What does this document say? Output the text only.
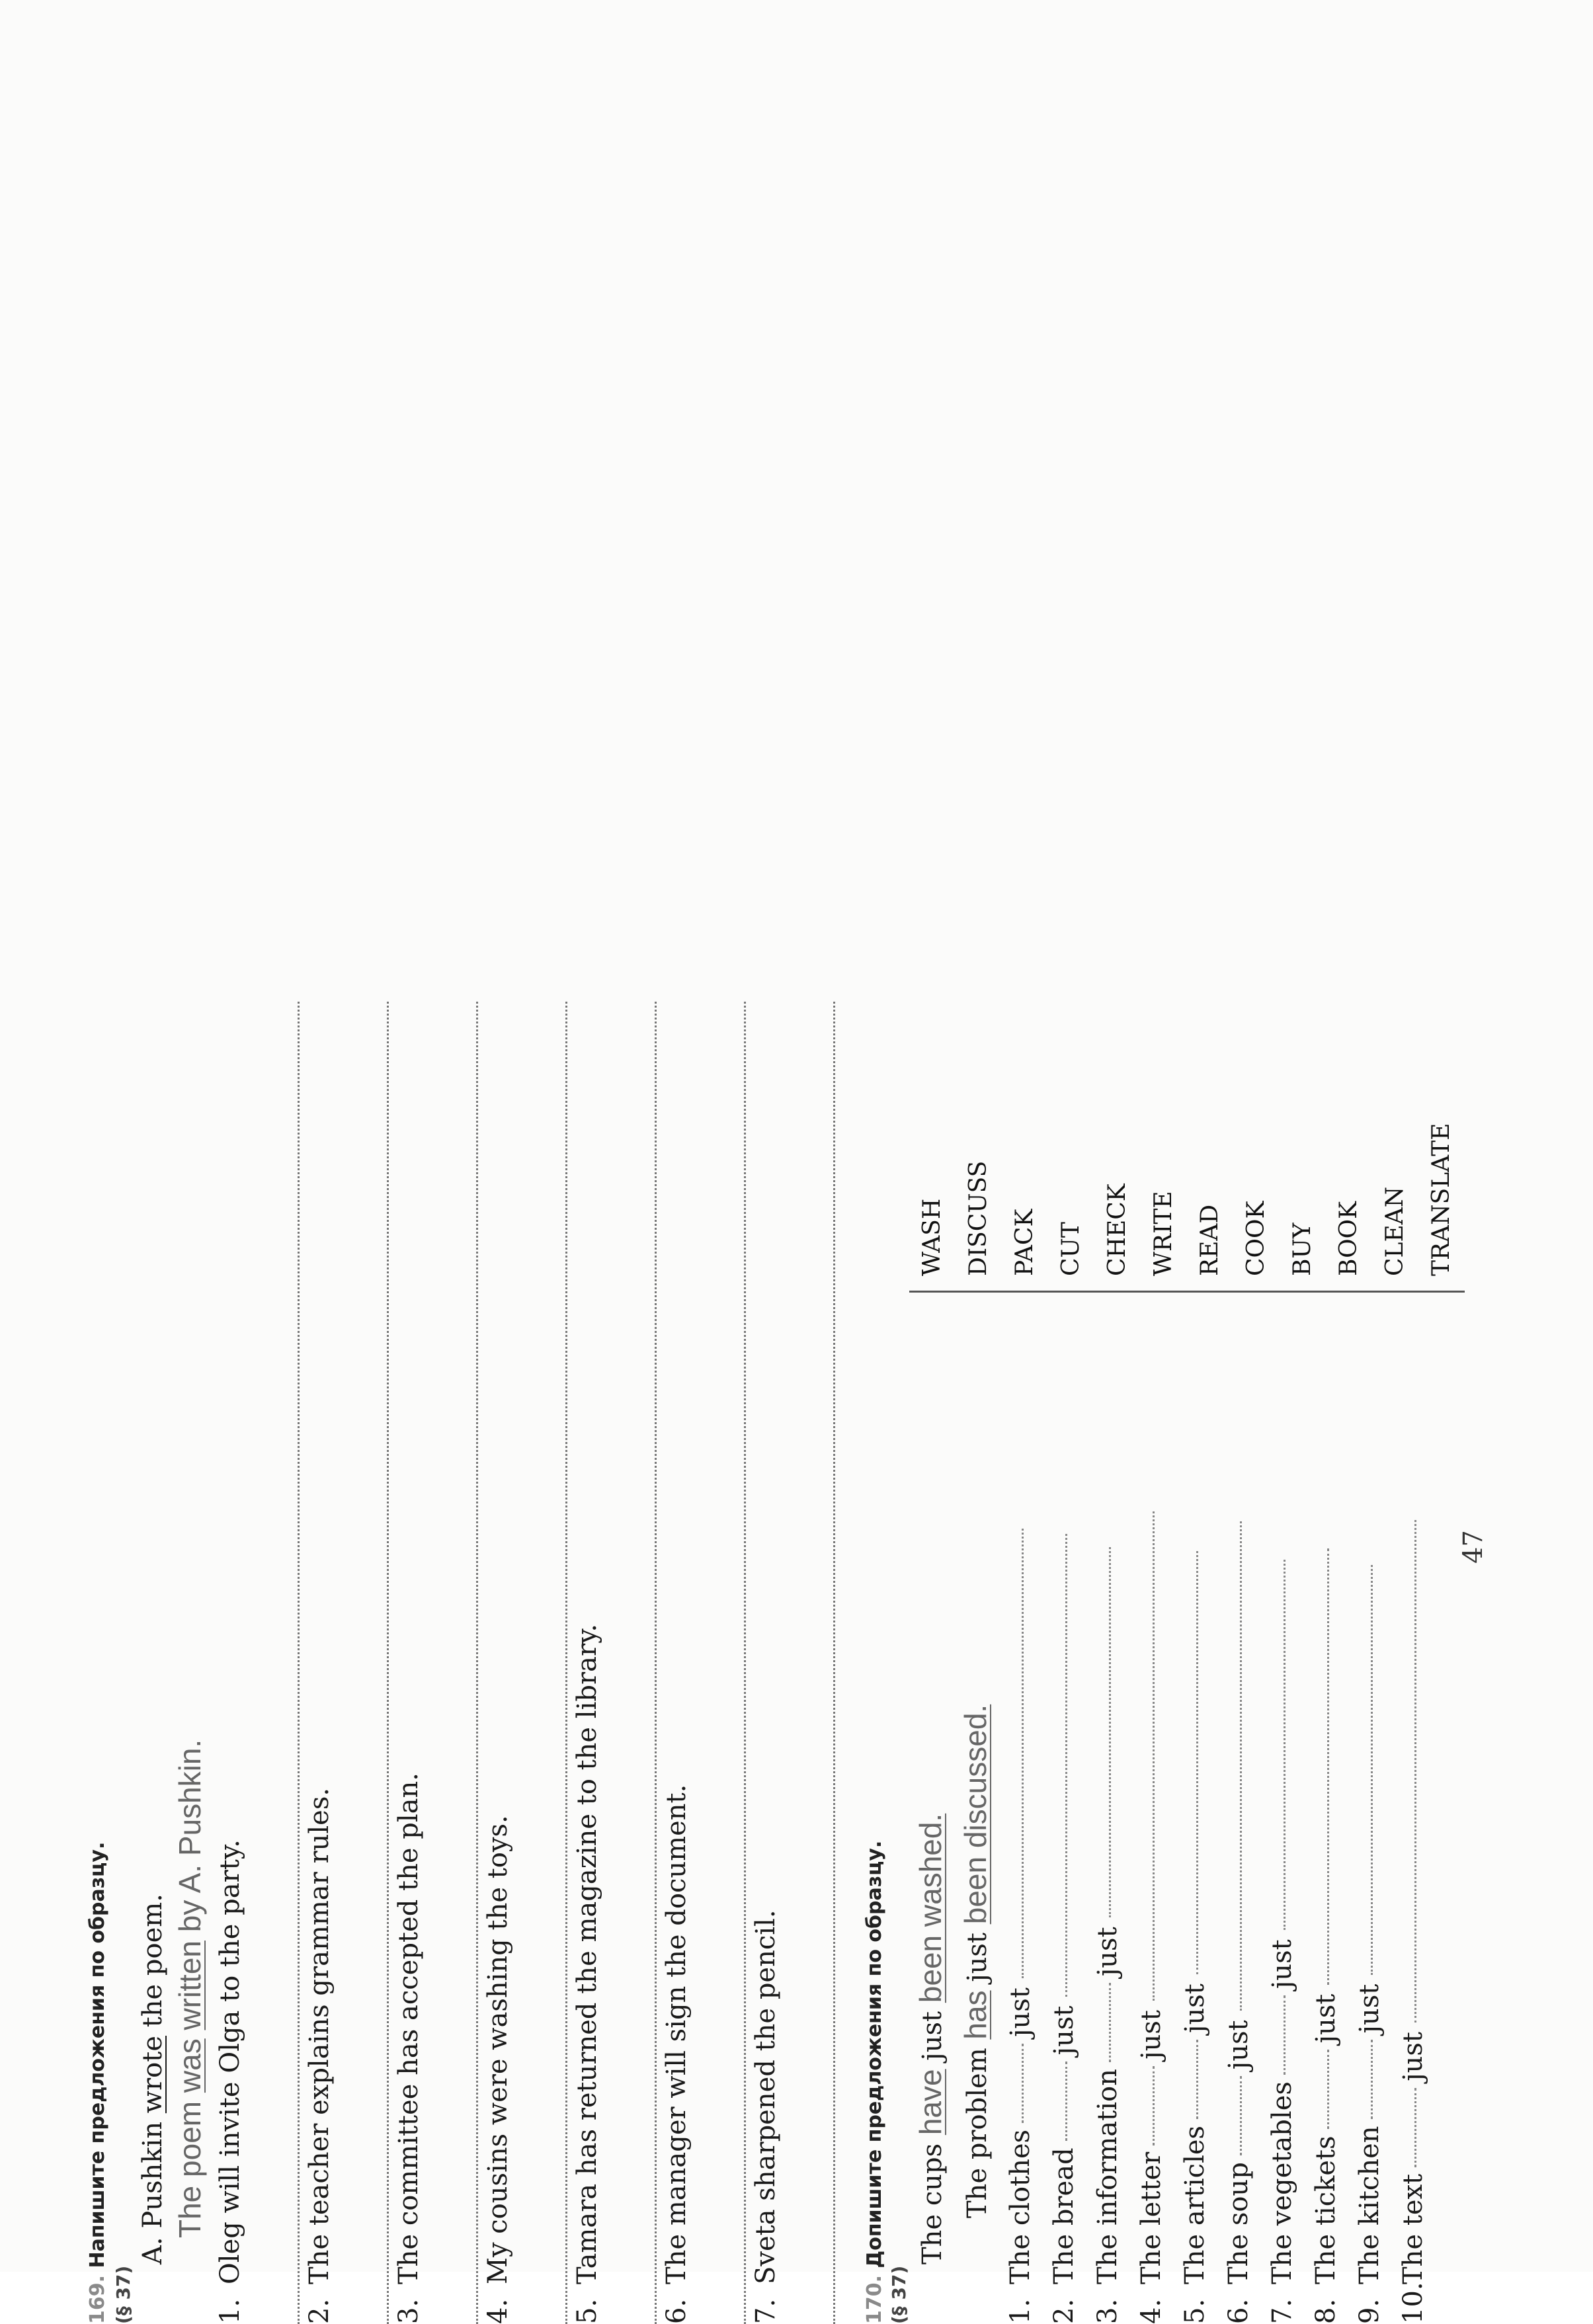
169. Напишите предложения по образцу.
(§ 37)
A. Pushkin wrote the poem.
The poem was written by A. Pushkin.
1.Oleg will invite Olga to the party.
2.The teacher explains grammar rules.
3.The committee has accepted the plan.
4.My cousins were washing the toys.
5.Tamara has returned the magazine to the library.
6.The manager will sign the document.
7.Sveta sharpened the pencil.
170. Допишите предложения по образцу.
(§ 37)
The cups have just been washed.
The problem has just been discussed.
1.The clothesjust
2.The breadjust
3.The informationjust
4.The letterjust
5.The articlesjust
6.The soupjust
7.The vegetablesjust
8.The ticketsjust
9.The kitchenjust
10.The textjust
WASH DISCUSS PACK CUT CHECK WRITE READ COOK BUY BOOK CLEAN TRANSLATE
47
